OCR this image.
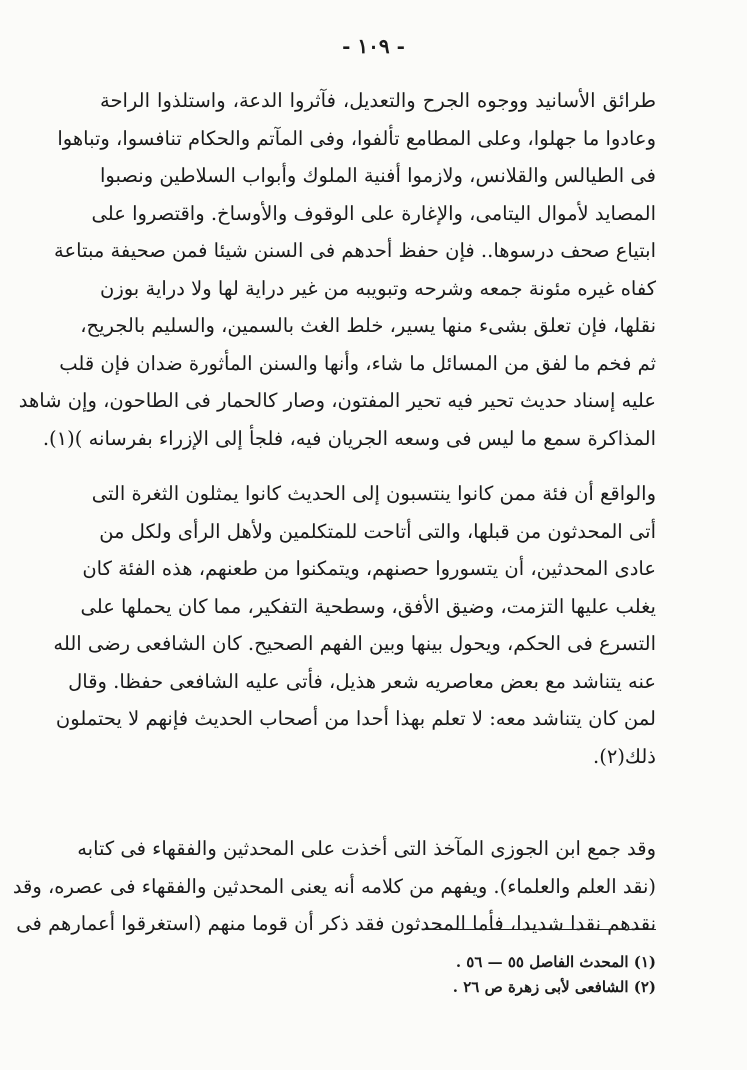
- ١٠٩ -
طرائق الأسانيد ووجوه الجرح والتعديل، فآثروا الدعة، واستلذوا الراحة
وعادوا ما جهلوا، وعلى المطامع تألفوا، وفى المآتم والحكام تنافسوا، وتباهوا
فى الطيالس والقلانس، ولازموا أفنية الملوك وأبواب السلاطين ونصبوا
المصايد لأموال اليتامى، والإغارة على الوقوف والأوساخ. واقتصروا على
ابتياع صحف درسوها.. فإن حفظ أحدهم فى السنن شيئا فمن صحيفة مبتاعة
كفاه غيره مئونة جمعه وشرحه وتبويبه من غير دراية لها ولا دراية بوزن
نقلها، فإن تعلق بشىء منها يسير، خلط الغث بالسمين، والسليم بالجريح،
ثم فخم ما لفق من المسائل ما شاء، وأنها والسنن المأثورة ضدان فإن قلب
عليه إسناد حديث تحير فيه تحير المفتون، وصار كالحمار فى الطاحون، وإن شاهد
المذاكرة سمع ما ليس فى وسعه الجريان فيه، فلجأ إلى الإزراء بفرسانه )(١).
والواقع أن فئة ممن كانوا ينتسبون إلى الحديث كانوا يمثلون الثغرة التى
أتى المحدثون من قبلها، والتى أتاحت للمتكلمين ولأهل الرأى ولكل من
عادى المحدثين، أن يتسوروا حصنهم، ويتمكنوا من طعنهم، هذه الفئة كان
يغلب عليها التزمت، وضيق الأفق، وسطحية التفكير، مما كان يحملها على
التسرع فى الحكم، ويحول بينها وبين الفهم الصحيح. كان الشافعى رضى الله
عنه يتناشد مع بعض معاصريه شعر هذيل، فأتى عليه الشافعى حفظا. وقال
لمن كان يتناشد معه: لا تعلم بهذا أحدا من أصحاب الحديث فإنهم لا يحتملون
ذلك(٢).
وقد جمع ابن الجوزى المآخذ التى أخذت على المحدثين والفقهاء فى كتابه
(نقد العلم والعلماء). ويفهم من كلامه أنه يعنى المحدثين والفقهاء فى عصره، وقد
نقدهم نقدا شديدا، فأما المحدثون فقد ذكر أن قوما منهم (استغرقوا أعمارهم فى
(١) المحدث الفاصل ٥٥ — ٥٦ .
(٢) الشافعى لأبى زهرة ص ٢٦ .
